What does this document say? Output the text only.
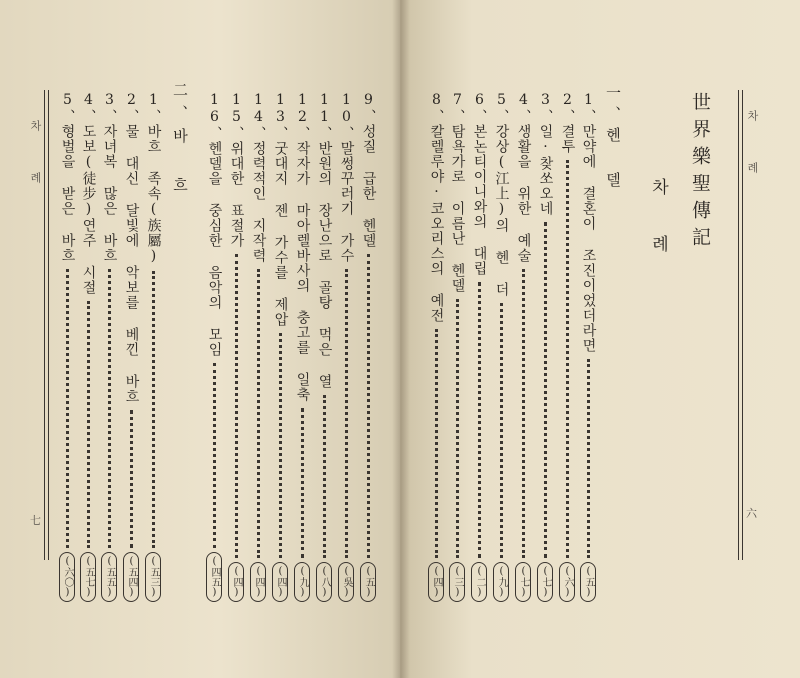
차 례
六
世界樂聖傳記
차 례
一、헨 델
1、만약에 결혼이 조진이었더라면
(五)
2、결투
(六)
3、일·찾쏘오네
(七)
4、생활을 위한 예술
(七)
5、강상(江上)의 헨 더
(九)
6、본논티이니와의 대립
(二)
7、탐욕가로 이름난 헨델
(三)
8、칼렐루야·코오리스의 예전
(四)
차 례
七
9、성질 급한 헨델
(五)
10、말썽꾸러기 가수
(吳)
11、반원의 장난으로 골탕 먹은 열
(八)
12、작자가 마아렐바사의 충고를 일축
(九)
13、굿대지 젠 가수를 제압
(四)
14、정력적인 지작력
(四)
15、위대한 표절가
(四)
16、헨델을 중심한 음악의 모임
(四五)
二、바 흐
1、바흐 족속(族屬)
(五三)
2、물 대신 달빛에 악보를 베낀 바흐
(五四)
3、자녀복 많은 바흐
(五五)
4、도보(徒步)연주 시절
(五七)
5、형벌을 받은 바흐
(六〇)
